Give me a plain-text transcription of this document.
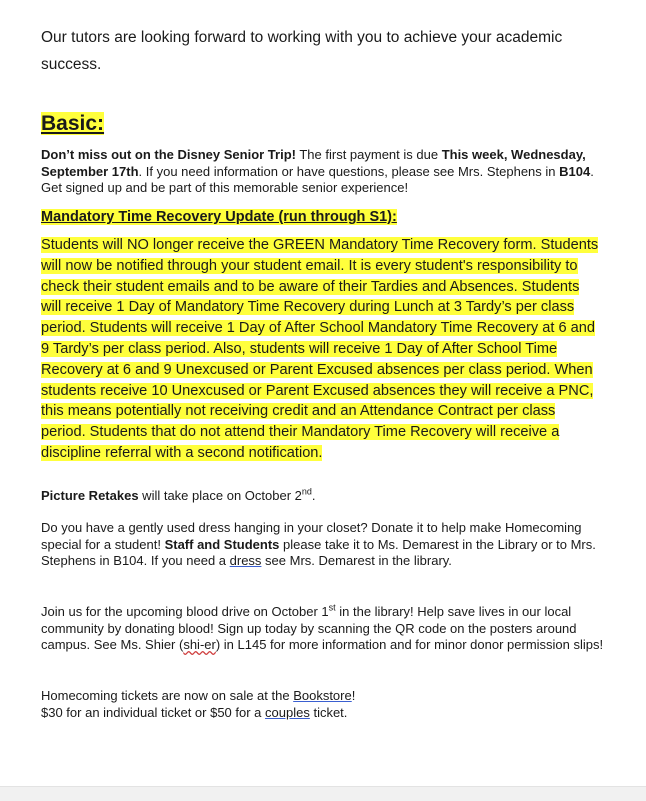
Our tutors are looking forward to working with you to achieve your academic success.

Basic:

Don’t miss out on the Disney Senior Trip! The first payment is due This week, Wednesday, September 17th. If you need information or have questions, please see Mrs. Stephens in B104. Get signed up and be part of this memorable senior experience!

Mandatory Time Recovery Update (run through S1):

Students will NO longer receive the GREEN Mandatory Time Recovery form. Students will now be notified through your student email. It is every student's responsibility to check their student emails and to be aware of their Tardies and Absences. Students will receive 1 Day of Mandatory Time Recovery during Lunch at 3 Tardy’s per class period. Students will receive 1 Day of After School Mandatory Time Recovery at 6 and 9 Tardy’s per class period. Also, students will receive 1 Day of After School Time Recovery at 6 and 9 Unexcused or Parent Excused absences per class period. When students receive 10 Unexcused or Parent Excused absences they will receive a PNC, this means potentially not receiving credit and an Attendance Contract per class period. Students that do not attend their Mandatory Time Recovery will receive a discipline referral with a second notification.

Picture Retakes will take place on October 2nd.

Do you have a gently used dress hanging in your closet? Donate it to help make Homecoming special for a student! Staff and Students please take it to Ms. Demarest in the Library or to Mrs. Stephens in B104. If you need a dress see Mrs. Demarest in the library.

Join us for the upcoming blood drive on October 1st in the library! Help save lives in our local community by donating blood! Sign up today by scanning the QR code on the posters around campus. See Ms. Shier (shi-er) in L145 for more information and for minor donor permission slips!

Homecoming tickets are now on sale at the Bookstore!
$30 for an individual ticket or $50 for a couples ticket.
